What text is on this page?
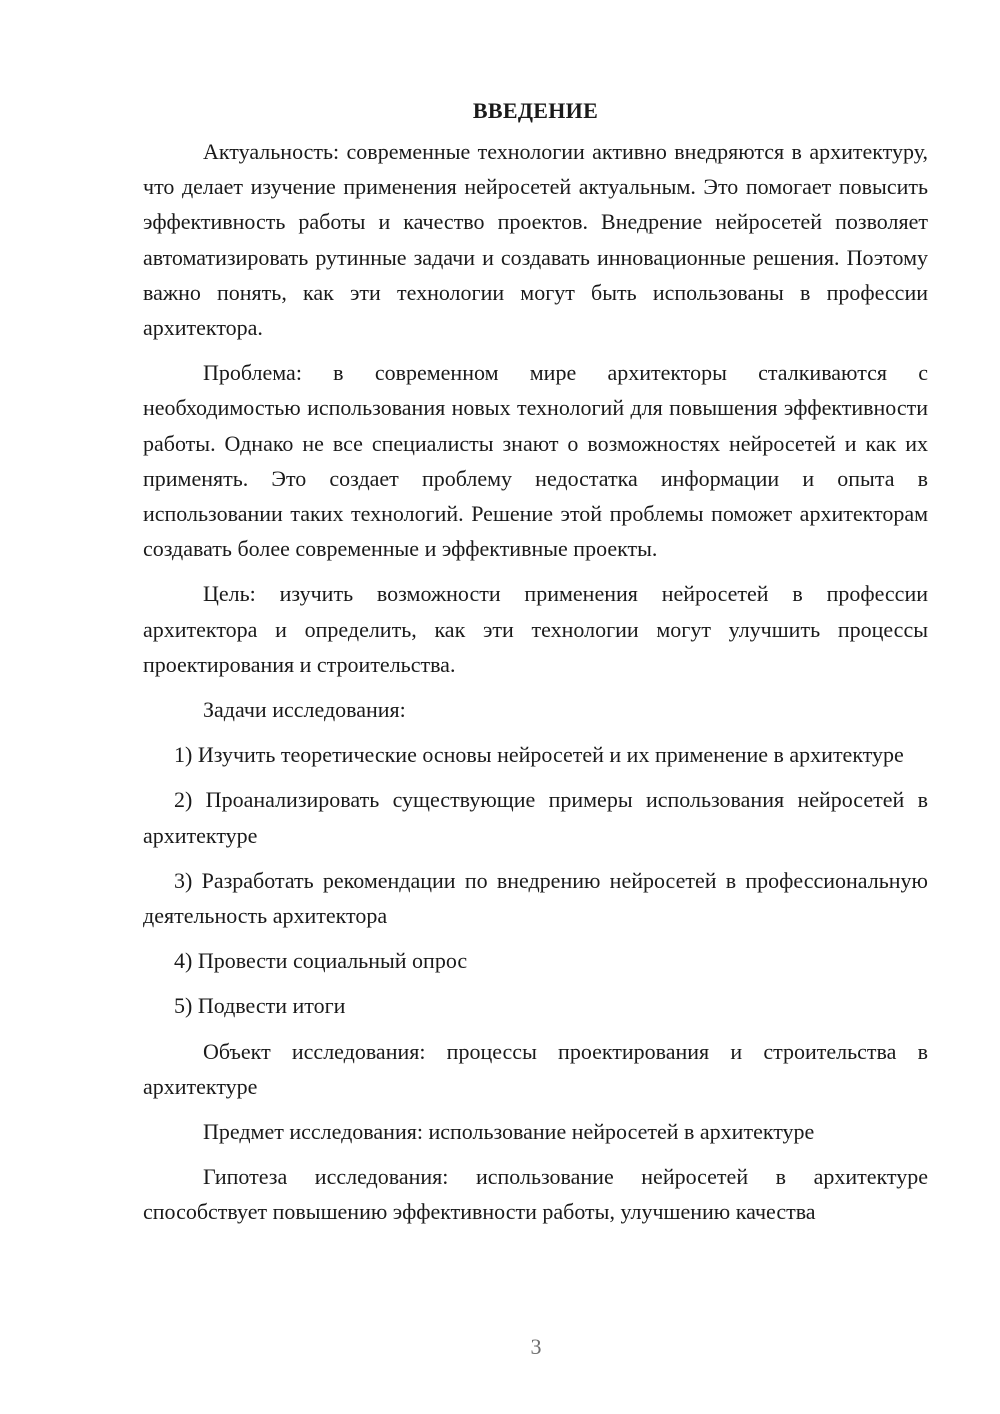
ВВЕДЕНИЕ

Актуальность: современные технологии активно внедряются в архитектуру, что делает изучение применения нейросетей актуальным. Это помогает повысить эффективность работы и качество проектов. Внедрение нейросетей позволяет автоматизировать рутинные задачи и создавать инновационные решения. Поэтому важно понять, как эти технологии могут быть использованы в профессии архитектора.

Проблема: в современном мире архитекторы сталкиваются с необходимостью использования новых технологий для повышения эффективности работы. Однако не все специалисты знают о возможностях нейросетей и как их применять. Это создает проблему недостатка информации и опыта в использовании таких технологий. Решение этой проблемы поможет архитекторам создавать более современные и эффективные проекты.

Цель: изучить возможности применения нейросетей в профессии архитектора и определить, как эти технологии могут улучшить процессы проектирования и строительства.

Задачи исследования:

1) Изучить теоретические основы нейросетей и их применение в архитектуре

2) Проанализировать существующие примеры использования нейросетей в архитектуре

3) Разработать рекомендации по внедрению нейросетей в профессиональную деятельность архитектора

4) Провести социальный опрос

5) Подвести итоги

Объект исследования: процессы проектирования и строительства в архитектуре

Предмет исследования: использование нейросетей в архитектуре

Гипотеза исследования: использование нейросетей в архитектуре способствует повышению эффективности работы, улучшению качества

3
